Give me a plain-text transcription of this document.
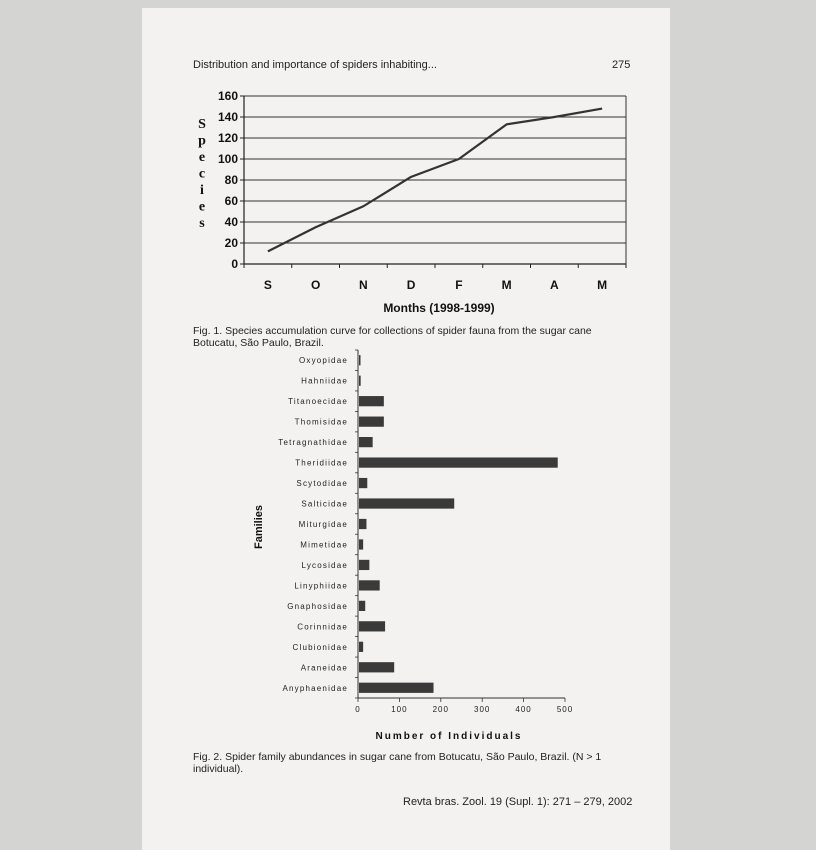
Distribution and importance of spiders inhabiting...	275
0
20
40
60
80
100
120
140
160
S	O	N	D	F	M	A	M
S
p
e
c
i
e
s
Months (1998-1999)
Oxyopidae
Hahniidae
Titanoecidae
Thomisidae
Tetragnathidae
Theridiidae
Scytodidae
Salticidae
Miturgidae
Mimetidae
Lycosidae
Linyphiidae
Gnaphosidae
Corinnidae
Clubionidae
Araneidae
Anyphaenidae
0	100	200	300	400	500
Number of Individuals
Families
Fig. 1. Species accumulation curve for collections of spider fauna from the sugar cane Botucatu, São Paulo, Brazil.
Fig. 2. Spider family abundances in sugar cane from Botucatu, São Paulo, Brazil. (N > 1 individual).
Revta bras. Zool. 19 (Supl. 1): 271 – 279, 2002
